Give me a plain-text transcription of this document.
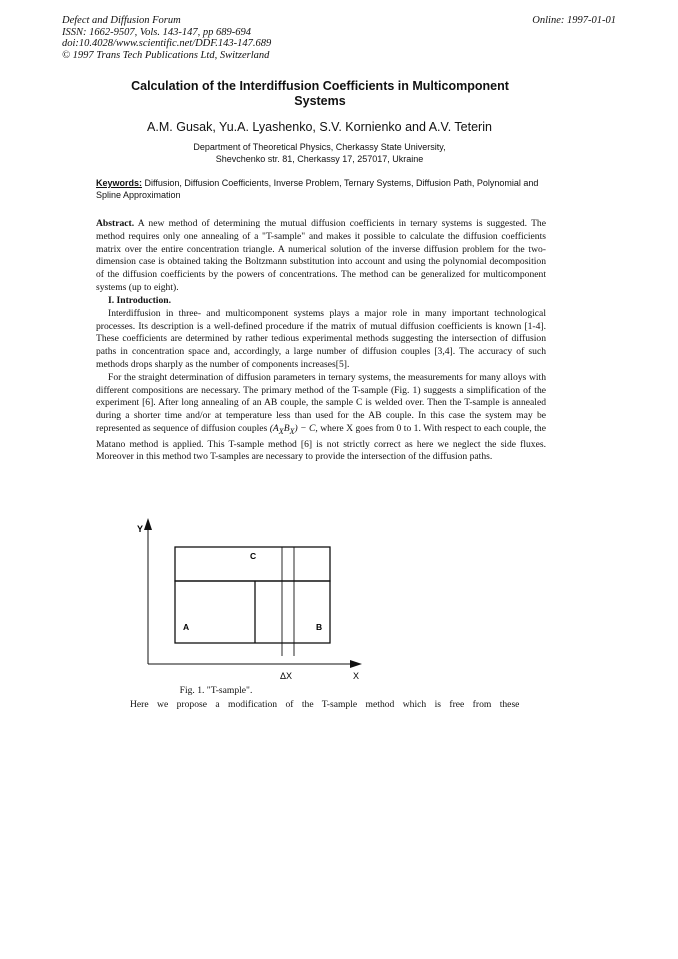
Defect and Diffusion Forum
ISSN: 1662-9507, Vols. 143-147, pp 689-694
doi:10.4028/www.scientific.net/DDF.143-147.689
© 1997 Trans Tech Publications Ltd, Switzerland
Online: 1997-01-01
Calculation of the Interdiffusion Coefficients in Multicomponent
Systems
A.M. Gusak, Yu.A. Lyashenko, S.V. Kornienko and A.V. Teterin
Department of Theoretical Physics, Cherkassy State University,
Shevchenko str. 81, Cherkassy 17, 257017, Ukraine
Keywords: Diffusion, Diffusion Coefficients, Inverse Problem, Ternary Systems, Diffusion Path, Polynomial and Spline Approximation
Abstract. A new method of determining the mutual diffusion coefficients in ternary systems is suggested. The method requires only one annealing of a "T-sample" and makes it possible to calculate the diffusion coefficients matrix over the entire concentration triangle. A numerical solution of the inverse diffusion problem for the two-dimension case is obtained taking the Boltzmann substitution into account and using the polynomial decomposition of the diffusion coefficients by the powers of concentrations. The method can be generalized for multicomponent systems (up to eight).

I. Introduction.

Interdiffusion in three- and multicomponent systems plays a major role in many important technological processes. Its description is a well-defined procedure if the matrix of mutual diffusion coefficients is known [1-4]. These coefficients are determined by rather tedious experimental methods suggesting the intersection of diffusion paths in concentration space and, accordingly, a large number of diffusion couples [3,4]. The accuracy of such methods drops sharply as the number of components increases[5].

For the straight determination of diffusion parameters in ternary systems, the measurements for many alloys with different compositions are necessary. The primary method of the T-sample (Fig. 1) suggests a simplification of the experiment [6]. After long annealing of an AB couple, the sample C is welded over. Then the T-sample is annealed during a shorter time and/or at temperature less than used for the AB couple. In this case the system may be represented as sequence of diffusion couples $(A_XB_X) - C$, where X goes from 0 to 1. With respect to each couple, the Matano method is applied. This T-sample method [6] is not strictly correct as here we neglect the side fluxes. Moreover in this method two T-samples are necessary to provide the intersection of the diffusion paths.

Y
X
ΔX
C
A	B
Fig. 1. "T-sample".
Here we propose a modification of the T-sample method which is free from these
